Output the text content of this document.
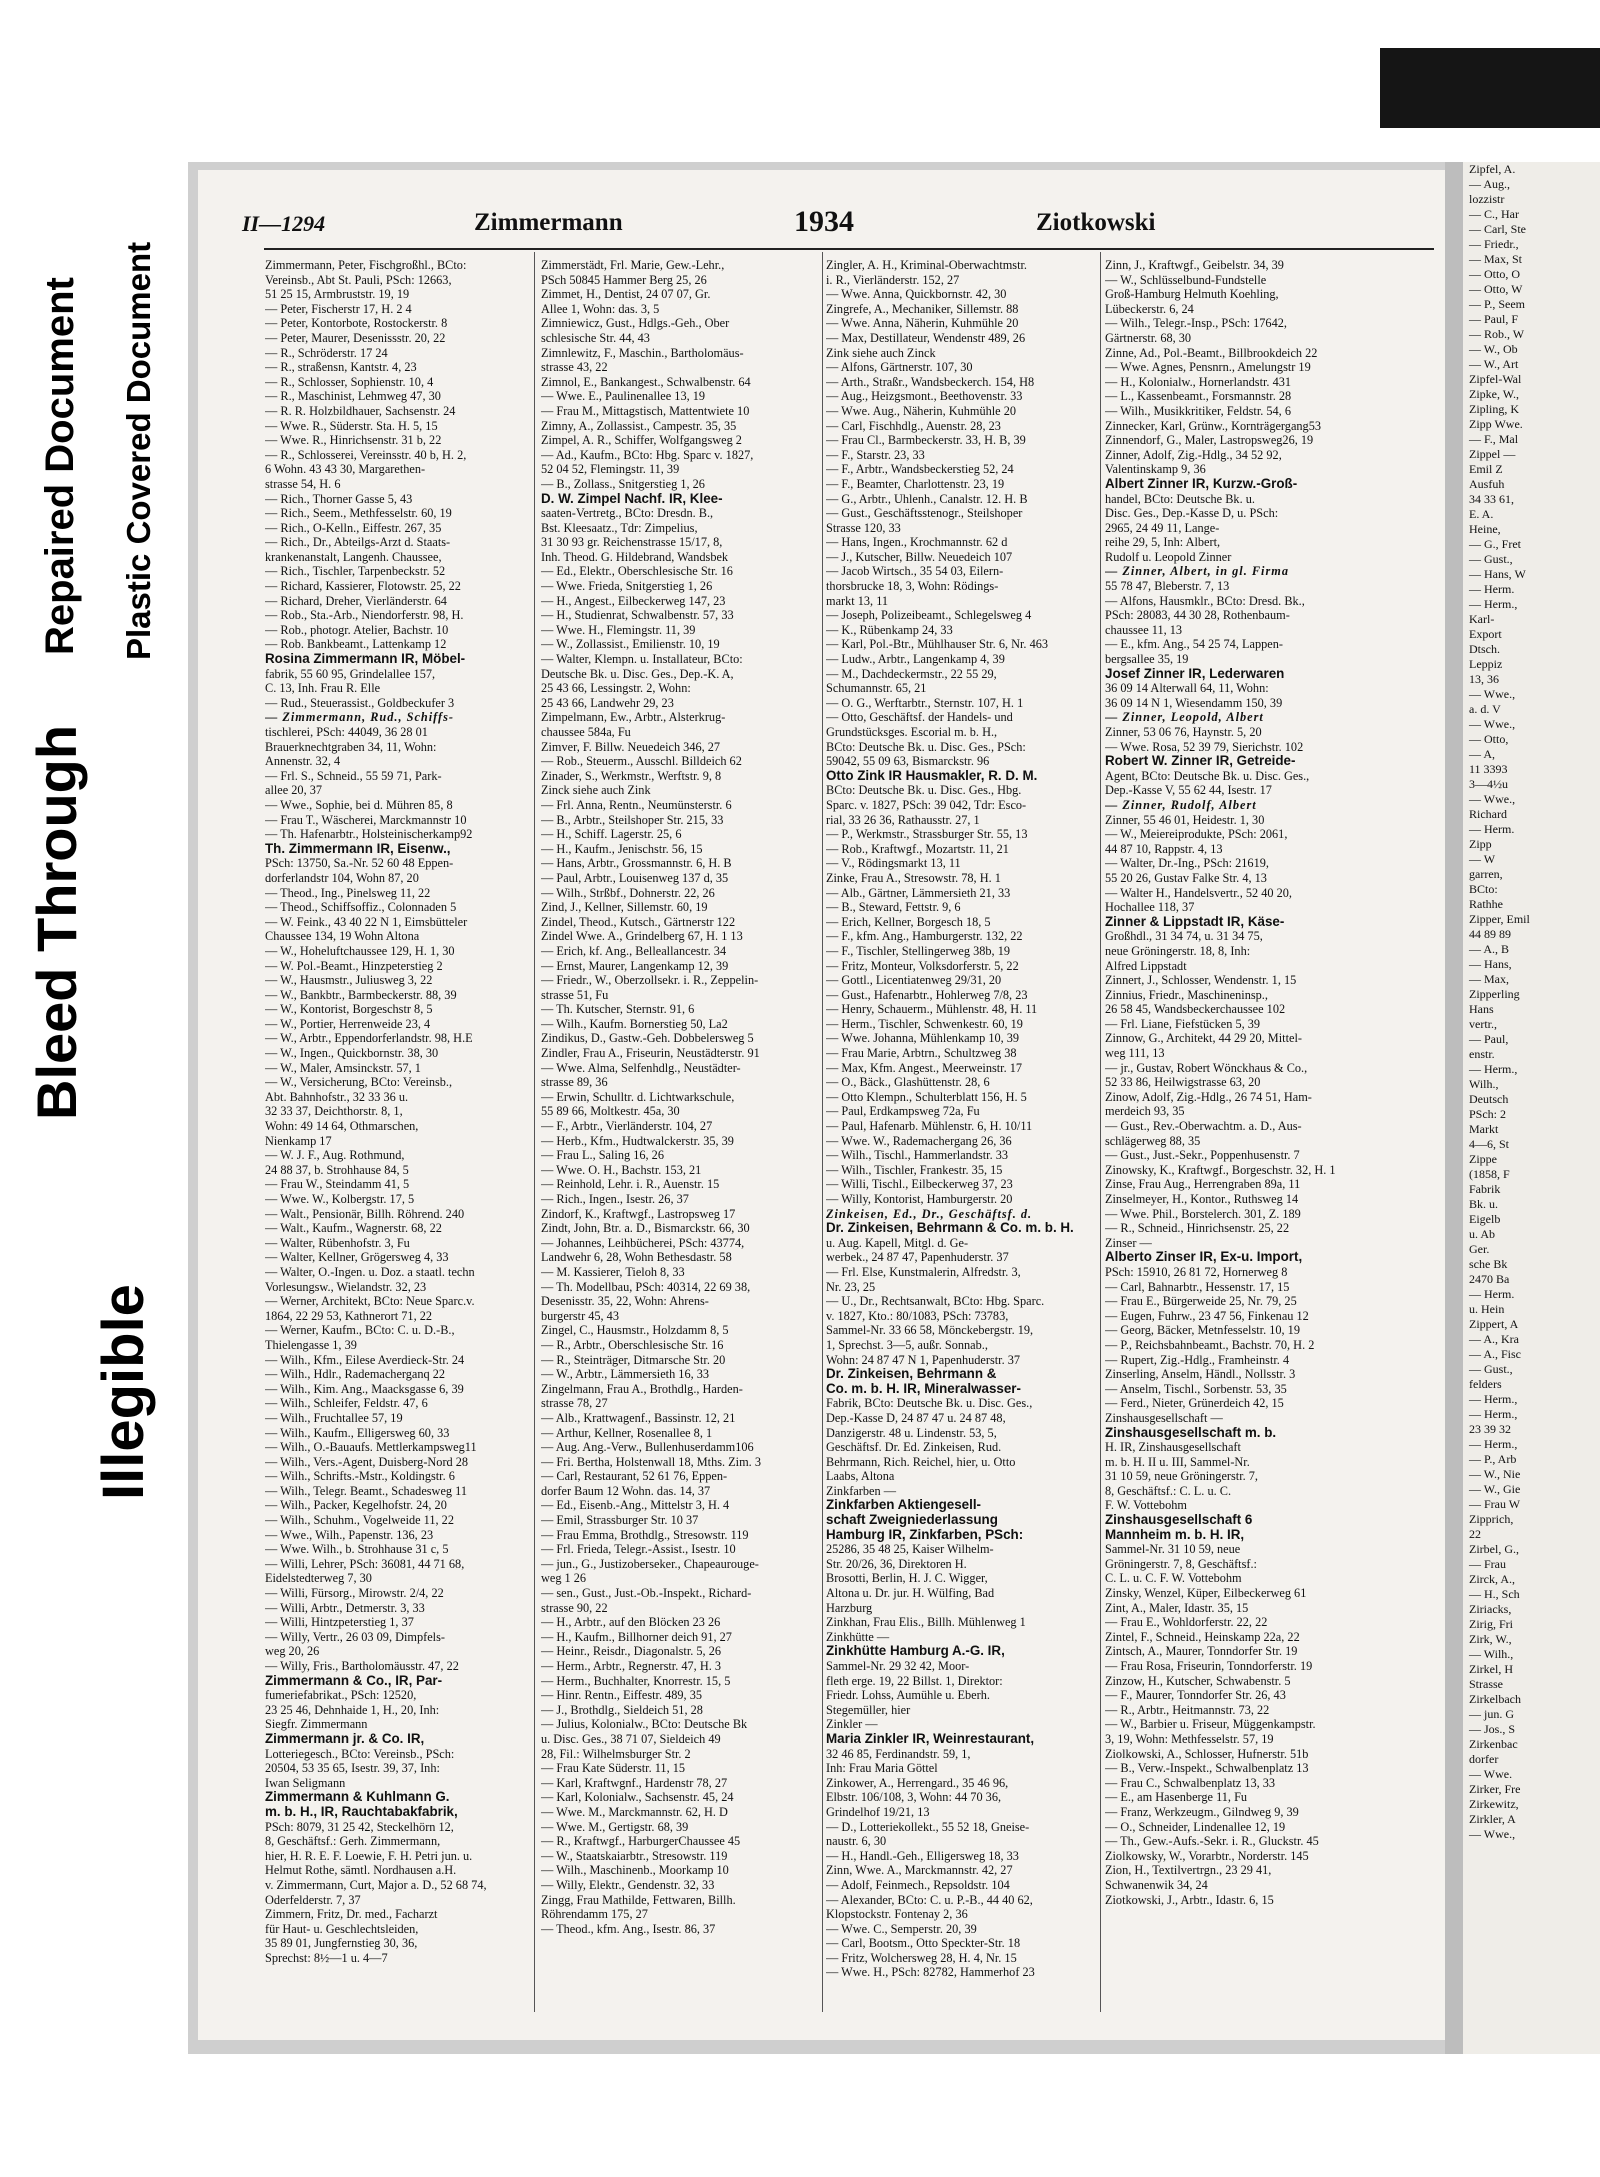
Bleed Through
Illegible
Repaired Document Plastic Covered Document
Zipfel, A.
— Aug.,
lozzistr
— C., Har
— Carl, Ste
— Friedr.,
— Max, St
— Otto, O
— Otto, W
— P., Seem
— Paul, F
— Rob., W
— W., Ob
— W., Art
Zipfel-Wal
Zipke, W.,
Zipling, K
Zipp Wwe.
— F., Mal
Zippel —
Emil Z
Ausfuh
34 33 61,
E. A.
Heine,
— G., Fret
— Gust.,
— Hans, W
— Herm.
— Herm.,
Karl-
Export
Dtsch.
Leppiz
13, 36
— Wwe.,
a. d. V
— Wwe.,
— Otto,
— A,
11 3393
3—4½u
— Wwe.,
Richard
— Herm.
Zipp
— W
garren,
BCto:
Rathhe
Zipper, Emil
44 89 89
— A., B
— Hans,
— Max,
Zipperling
Hans
vertr.,
— Paul,
enstr.
— Herm.,
Wilh.,
Deutsch
PSch: 2
Markt
4—6, St
Zippe
(1858, F
Fabrik
Bk. u.
Eigelb
u. Ab
Ger.
sche Bk
2470 Ba
— Herm.
u. Hein
Zippert, A
— A., Kra
— A., Fisc
— Gust.,
felders
— Herm.,
— Herm.,
23 39 32
— Herm.,
— P., Arb
— W., Nie
— W., Gie
— Frau W
Zipprich,
22
Zirbel, G.,
— Frau
Zirck, A.,
— H., Sch
Ziriacks,
Zirig, Fri
Zirk, W.,
— Wilh.,
Zirkel, H
Strasse
Zirkelbach
— jun. G
— Jos., S
Zirkenbac
dorfer
— Wwe.
Zirker, Fre
Zirkewitz,
Zirkler, A
— Wwe.,
II—1294	Zimmermann	1934	Ziotkowski
Zimmermann, Peter, Fischgroßhl., BCto:
Vereinsb., Abt St. Pauli, PSch: 12663,
51 25 15, Armbruststr. 19, 19
— Peter, Fischerstr 17, H. 2 4
— Peter, Kontorbote, Rostockerstr. 8
— Peter, Maurer, Desenissstr. 20, 22
— R., Schröderstr. 17 24
— R., straßensn, Kantstr. 4, 23
— R., Schlosser, Sophienstr. 10, 4
— R., Maschinist, Lehmweg 47, 30
— R. R. Holzbildhauer, Sachsenstr. 24
— Wwe. R., Süderstr. Sta. H. 5, 15
— Wwe. R., Hinrichsenstr. 31 b, 22
— R., Schlosserei, Vereinsstr. 40 b, H. 2,
6 Wohn. 43 43 30, Margarethen-
strasse 54, H. 6
— Rich., Thorner Gasse 5, 43
— Rich., Seem., Methfesselstr. 60, 19
— Rich., O-Kelln., Eiffestr. 267, 35
— Rich., Dr., Abteilgs-Arzt d. Staats-
krankenanstalt, Langenh. Chaussee,
— Rich., Tischler, Tarpenbeckstr. 52
— Richard, Kassierer, Flotowstr. 25, 22
— Richard, Dreher, Vierländerstr. 64
— Rob., Sta.-Arb., Niendorferstr. 98, H.
— Rob., photogr. Atelier, Bachstr. 10
— Rob. Bankbeamt., Lattenkamp 12
Rosina Zimmermann IR, Möbel-
fabrik, 55 60 95, Grindelallee 157,
C. 13, Inh. Frau R. Elle
— Rud., Steuerassist., Goldbeckufer 3
— Zimmermann, Rud., Schiffs-
tischlerei, PSch: 44049, 36 28 01
Brauerknechtgraben 34, 11, Wohn:
Annenstr. 32, 4
— Frl. S., Schneid., 55 59 71, Park-
allee 20, 37
— Wwe., Sophie, bei d. Mühren 85, 8
— Frau T., Wäscherei, Marckmannstr 10
— Th. Hafenarbtr., Holsteinischerkamp92
Th. Zimmermann IR, Eisenw.,
PSch: 13750, Sa.-Nr. 52 60 48 Eppen-
dorferlandstr 104, Wohn 87, 20
— Theod., Ing., Pinelsweg 11, 22
— Theod., Schiffsoffiz., Colonnaden 5
— W. Feink., 43 40 22 N 1, Eimsbütteler
Chaussee 134, 19 Wohn Altona
— W., Hoheluftchaussee 129, H. 1, 30
— W. Pol.-Beamt., Hinzpeterstieg 2
— W., Hausmstr., Juliusweg 3, 22
— W., Bankbtr., Barmbeckerstr. 88, 39
— W., Kontorist, Borgeschstr 8, 5
— W., Portier, Herrenweide 23, 4
— W., Arbtr., Eppendorferlandstr. 98, H.E
— W., Ingen., Quickbornstr. 38, 30
— W., Maler, Amsinckstr. 57, 1
— W., Versicherung, BCto: Vereinsb.,
Abt. Bahnhofstr., 32 33 36 u.
32 33 37, Deichthorstr. 8, 1,
Wohn: 49 14 64, Othmarschen,
Nienkamp 17
— W. J. F., Aug. Rothmund,
24 88 37, b. Strohhause 84, 5
— Frau W., Steindamm 41, 5
— Wwe. W., Kolbergstr. 17, 5
— Walt., Pensionär, Billh. Röhrend. 240
— Walt., Kaufm., Wagnerstr. 68, 22
— Walter, Rübenhofstr. 3, Fu
— Walter, Kellner, Grögersweg 4, 33
— Walter, O.-Ingen. u. Doz. a staatl. techn
Vorlesungsw., Wielandstr. 32, 23
— Werner, Architekt, BCto: Neue Sparc.v.
1864, 22 29 53, Kathnerort 71, 22
— Werner, Kaufm., BCto: C. u. D.-B.,
Thielengasse 1, 39
— Wilh., Kfm., Eilese Averdieck-Str. 24
— Wilh., Hdlr., Rademacherganq 22
— Wilh., Kim. Ang., Maacksgasse 6, 39
— Wilh., Schleifer, Feldstr. 47, 6
— Wilh., Fruchtallee 57, 19
— Wilh., Kaufm., Elligersweg 60, 33
— Wilh., O.-Bauaufs. Mettlerkampsweg11
— Wilh., Vers.-Agent, Duisberg-Nord 28
— Wilh., Schrifts.-Mstr., Koldingstr. 6
— Wilh., Telegr. Beamt., Schadesweg 11
— Wilh., Packer, Kegelhofstr. 24, 20
— Wilh., Schuhm., Vogelweide 11, 22
— Wwe., Wilh., Papenstr. 136, 23
— Wwe. Wilh., b. Strohhause 31 c, 5
— Willi, Lehrer, PSch: 36081, 44 71 68,
Eidelstedterweg 7, 30
— Willi, Fürsorg., Mirowstr. 2/4, 22
— Willi, Arbtr., Detmerstr. 3, 33
— Willi, Hintzpeterstieg 1, 37
— Willy, Vertr., 26 03 09, Dimpfels-
weg 20, 26
— Willy, Fris., Bartholomäusstr. 47, 22
Zimmermann & Co., IR, Par-
fumeriefabrikat., PSch: 12520,
23 25 46, Dehnhaide 1, H., 20, Inh:
Siegfr. Zimmermann
Zimmermann jr. & Co. IR,
Lotteriegesch., BCto: Vereinsb., PSch:
20504, 53 35 65, Isestr. 39, 37, Inh:
Iwan Seligmann
Zimmermann & Kuhlmann G.
m. b. H., IR, Rauchtabakfabrik,
PSch: 8079, 31 25 42, Steckelhörn 12,
8, Geschäftsf.: Gerh. Zimmermann,
hier, H. R. E. F. Loewie, F. H. Petri jun. u.
Helmut Rothe, sämtl. Nordhausen a.H.
v. Zimmermann, Curt, Major a. D., 52 68 74,
Oderfelderstr. 7, 37
Zimmern, Fritz, Dr. med., Facharzt
für Haut- u. Geschlechtsleiden,
35 89 01, Jungfernstieg 30, 36,
Sprechst: 8½—1 u. 4—7
Zimmerstädt, Frl. Marie, Gew.-Lehr.,
PSch 50845 Hammer Berg 25, 26
Zimmet, H., Dentist, 24 07 07, Gr.
Allee 1, Wohn: das. 3, 5
Zimniewicz, Gust., Hdlgs.-Geh., Ober
schlesische Str. 44, 43
Zimnlewitz, F., Maschin., Bartholomäus-
strasse 43, 22
Zimnol, E., Bankangest., Schwalbenstr. 64
— Wwe. E., Paulinenallee 13, 19
— Frau M., Mittagstisch, Mattentwiete 10
Zimny, A., Zollassist., Campestr. 35, 35
Zimpel, A. R., Schiffer, Wolfgangsweg 2
— Ad., Kaufm., BCto: Hbg. Sparc v. 1827,
52 04 52, Flemingstr. 11, 39
— B., Zollass., Snitgerstieg 1, 26
D. W. Zimpel Nachf. IR, Klee-
saaten-Vertretg., BCto: Dresdn. B.,
Bst. Kleesaatz., Tdr: Zimpelius,
31 30 93 gr. Reichenstrasse 15/17, 8,
Inh. Theod. G. Hildebrand, Wandsbek
— Ed., Elektr., Oberschlesische Str. 16
— Wwe. Frieda, Snitgerstieg 1, 26
— H., Angest., Eilbeckerweg 147, 23
— H., Studienrat, Schwalbenstr. 57, 33
— Wwe. H., Flemingstr. 11, 39
— W., Zollassist., Emilienstr. 10, 19
— Walter, Klempn. u. Installateur, BCto:
Deutsche Bk. u. Disc. Ges., Dep.-K. A,
25 43 66, Lessingstr. 2, Wohn:
25 43 66, Landwehr 29, 23
Zimpelmann, Ew., Arbtr., Alsterkrug-
chaussee 584a, Fu
Zimver, F. Billw. Neuedeich 346, 27
— Rob., Steuerm., Ausschl. Billdeich 62
Zinader, S., Werkmstr., Werftstr. 9, 8
Zinck siehe auch Zink
— Frl. Anna, Rentn., Neumünsterstr. 6
— B., Arbtr., Steilshoper Str. 215, 33
— H., Schiff. Lagerstr. 25, 6
— H., Kaufm., Jenischstr. 56, 15
— Hans, Arbtr., Grossmannstr. 6, H. B
— Paul, Arbtr., Louisenweg 137 d, 35
— Wilh., Strßbf., Dohnerstr. 22, 26
Zind, J., Kellner, Sillemstr. 60, 19
Zindel, Theod., Kutsch., Gärtnerstr 122
Zindel Wwe. A., Grindelberg 67, H. 1 13
— Erich, kf. Ang., Belleallancestr. 34
— Ernst, Maurer, Langenkamp 12, 39
— Friedr., W., Oberzollsekr. i. R., Zeppelin-
strasse 51, Fu
— Th. Kutscher, Sternstr. 91, 6
— Wilh., Kaufm. Bornerstieg 50, La2
Zindikus, D., Gastw.-Geh. Dobbelersweg 5
Zindler, Frau A., Friseurin, Neustädterstr. 91
— Wwe. Alma, Selfenhdlg., Neustädter-
strasse 89, 36
— Erwin, Schulltr. d. Lichtwarkschule,
55 89 66, Moltkestr. 45a, 30
— F., Arbtr., Vierländerstr. 104, 27
— Herb., Kfm., Hudtwalckerstr. 35, 39
— Frau L., Saling 16, 26
— Wwe. O. H., Bachstr. 153, 21
— Reinhold, Lehr. i. R., Auenstr. 15
— Rich., Ingen., Isestr. 26, 37
Zindorf, K., Kraftwgf., Lastropsweg 17
Zindt, John, Btr. a. D., Bismarckstr. 66, 30
— Johannes, Leihbücherei, PSch: 43774,
Landwehr 6, 28, Wohn Bethesdastr. 58
— M. Kassierer, Tieloh 8, 33
— Th. Modellbau, PSch: 40314, 22 69 38,
Desenisstr. 35, 22, Wohn: Ahrens-
burgerstr 45, 43
Zingel, C., Hausmstr., Holzdamm 8, 5
— R., Arbtr., Oberschlesische Str. 16
— R., Steinträger, Ditmarsche Str. 20
— W., Arbtr., Lämmersieth 16, 33
Zingelmann, Frau A., Brothdlg., Harden-
strasse 78, 27
— Alb., Krattwagenf., Bassinstr. 12, 21
— Arthur, Kellner, Rosenallee 8, 1
— Aug. Ang.-Verw., Bullenhuserdamm106
— Fri. Bertha, Holstenwall 18, Mths. Zim. 3
— Carl, Restaurant, 52 61 76, Eppen-
dorfer Baum 12 Wohn. das. 14, 37
— Ed., Eisenb.-Ang., Mittelstr 3, H. 4
— Emil, Strassburger Str. 10 37
— Frau Emma, Brothdlg., Stresowstr. 119
— Frl. Frieda, Telegr.-Assist., Isestr. 10
— jun., G., Justizoberseker., Chapeaurouge-
weg 1 26
— sen., Gust., Just.-Ob.-Inspekt., Richard-
strasse 90, 22
— H., Arbtr., auf den Blöcken 23 26
— H., Kaufm., Billhorner deich 91, 27
— Heinr., Reisdr., Diagonalstr. 5, 26
— Herm., Arbtr., Regnerstr. 47, H. 3
— Herm., Buchhalter, Knorrestr. 15, 5
— Hinr. Rentn., Eiffestr. 489, 35
— J., Brothdlg., Sieldeich 51, 28
— Julius, Kolonialw., BCto: Deutsche Bk
u. Disc. Ges., 38 71 07, Sieldeich 49
28, Fil.: Wilhelmsburger Str. 2
— Frau Kate Süderstr. 11, 15
— Karl, Kraftwgnf., Hardenstr 78, 27
— Karl, Kolonialw., Sachsenstr. 45, 24
— Wwe. M., Marckmannstr. 62, H. D
— Wwe. M., Gertigstr. 68, 39
— R., Kraftwgf., HarburgerChaussee 45
— W., Staatskaiarbtr., Stresowstr. 119
— Wilh., Maschinenb., Moorkamp 10
— Willy, Elektr., Gendenstr. 32, 33
Zingg, Frau Mathilde, Fettwaren, Billh.
Röhrendamm 175, 27
— Theod., kfm. Ang., Isestr. 86, 37
Zingler, A. H., Kriminal-Oberwachtmstr.
i. R., Vierländerstr. 152, 27
— Wwe. Anna, Quickbornstr. 42, 30
Zingrefe, A., Mechaniker, Sillemstr. 88
— Wwe. Anna, Näherin, Kuhmühle 20
— Max, Destillateur, Wendenstr 489, 26
Zink siehe auch Zinck
— Alfons, Gärtnerstr. 107, 30
— Arth., Straßr., Wandsbeckerch. 154, H8
— Aug., Heizgsmont., Beethovenstr. 33
— Wwe. Aug., Näherin, Kuhmühle 20
— Carl, Fischhdlg., Auenstr. 28, 23
— Frau Cl., Barmbeckerstr. 33, H. B, 39
— F., Starstr. 23, 33
— F., Arbtr., Wandsbeckerstieg 52, 24
— F., Beamter, Charlottenstr. 23, 19
— G., Arbtr., Uhlenh., Canalstr. 12. H. B
— Gust., Geschäftsstenogr., Steilshoper
Strasse 120, 33
— Hans, Ingen., Krochmannstr. 62 d
— J., Kutscher, Billw. Neuedeich 107
— Jacob Wirtsch., 35 54 03, Eilern-
thorsbrucke 18, 3, Wohn: Rödings-
markt 13, 11
— Joseph, Polizeibeamt., Schlegelsweg 4
— K., Rübenkamp 24, 33
— Karl, Pol.-Btr., Mühlhauser Str. 6, Nr. 463
— Ludw., Arbtr., Langenkamp 4, 39
— M., Dachdeckermstr., 22 55 29,
Schumannstr. 65, 21
— O. G., Werftarbtr., Sternstr. 107, H. 1
— Otto, Geschäftsf. der Handels- und
Grundstücksges. Escorial m. b. H.,
BCto: Deutsche Bk. u. Disc. Ges., PSch:
59042, 55 09 63, Bismarckstr. 96
Otto Zink IR Hausmakler, R. D. M.
BCto: Deutsche Bk. u. Disc. Ges., Hbg.
Sparc. v. 1827, PSch: 39 042, Tdr: Esco-
rial, 33 26 36, Rathausstr. 27, 1
— P., Werkmstr., Strassburger Str. 55, 13
— Rob., Kraftwgf., Mozartstr. 11, 21
— V., Rödingsmarkt 13, 11
Zinke, Frau A., Stresowstr. 78, H. 1
— Alb., Gärtner, Lämmersieth 21, 33
— B., Steward, Fettstr. 9, 6
— Erich, Kellner, Borgesch 18, 5
— F., kfm. Ang., Hamburgerstr. 132, 22
— F., Tischler, Stellingerweg 38b, 19
— Fritz, Monteur, Volksdorferstr. 5, 22
— Gottl., Licentiatenweg 29/31, 20
— Gust., Hafenarbtr., Hohlerweg 7/8, 23
— Henry, Schauerm., Mühlenstr. 48, H. 11
— Herm., Tischler, Schwenkestr. 60, 19
— Wwe. Johanna, Mühlenkamp 10, 39
— Frau Marie, Arbtrn., Schultzweg 38
— Max, Kfm. Angest., Meerweinstr. 17
— O., Bäck., Glashüttenstr. 28, 6
— Otto Klempn., Schulterblatt 156, H. 5
— Paul, Erdkampsweg 72a, Fu
— Paul, Hafenarb. Mühlenstr. 6, H. 10/11
— Wwe. W., Rademachergang 26, 36
— Wilh., Tischl., Hammerlandstr. 33
— Wilh., Tischler, Frankestr. 35, 15
— Willi, Tischl., Eilbeckerweg 37, 23
— Willy, Kontorist, Hamburgerstr. 20
Zinkeisen, Ed., Dr., Geschäftsf. d.
Dr. Zinkeisen, Behrmann & Co. m. b. H.
u. Aug. Kapell, Mitgl. d. Ge-
werbek., 24 87 47, Papenhuderstr. 37
— Frl. Else, Kunstmalerin, Alfredstr. 3,
Nr. 23, 25
— U., Dr., Rechtsanwalt, BCto: Hbg. Sparc.
v. 1827, Kto.: 80/1083, PSch: 73783,
Sammel-Nr. 33 66 58, Mönckebergstr. 19,
1, Sprechst. 3—5, außr. Sonnab.,
Wohn: 24 87 47 N 1, Papenhuderstr. 37
Dr. Zinkeisen, Behrmann &
Co. m. b. H. IR, Mineralwasser-
Fabrik, BCto: Deutsche Bk. u. Disc. Ges.,
Dep.-Kasse D, 24 87 47 u. 24 87 48,
Danzigerstr. 48 u. Lindenstr. 53, 5,
Geschäftsf. Dr. Ed. Zinkeisen, Rud.
Behrmann, Rich. Reichel, hier, u. Otto
Laabs, Altona
Zinkfarben —
Zinkfarben Aktiengesell-
schaft Zweigniederlassung
Hamburg IR, Zinkfarben, PSch:
25286, 35 48 25, Kaiser Wilhelm-
Str. 20/26, 36, Direktoren H.
Brosotti, Berlin, H. J. C. Wigger,
Altona u. Dr. jur. H. Wülfing, Bad
Harzburg
Zinkhan, Frau Elis., Billh. Mühlenweg 1
Zinkhütte —
Zinkhütte Hamburg A.-G. IR,
Sammel-Nr. 29 32 42, Moor-
fleth erge. 19, 22 Billst. 1, Direktor:
Friedr. Lohss, Aumühle u. Eberh.
Stegemüller, hier
Zinkler —
Maria Zinkler IR, Weinrestaurant,
32 46 85, Ferdinandstr. 59, 1,
Inh: Frau Maria Göttel
Zinkower, A., Herrengard., 35 46 96,
Elbstr. 106/108, 3, Wohn: 44 70 36,
Grindelhof 19/21, 13
— D., Lotteriekollekt., 55 52 18, Gneise-
naustr. 6, 30
— H., Handl.-Geh., Elligersweg 18, 33
Zinn, Wwe. A., Marckmannstr. 42, 27
— Adolf, Feinmech., Repsoldstr. 104
— Alexander, BCto: C. u. P.-B., 44 40 62,
Klopstockstr. Fontenay 2, 36
— Wwe. C., Semperstr. 20, 39
— Carl, Bootsm., Otto Speckter-Str. 18
— Fritz, Wolchersweg 28, H. 4, Nr. 15
— Wwe. H., PSch: 82782, Hammerhof 23
Zinn, J., Kraftwgf., Geibelstr. 34, 39
— W., Schlüsselbund-Fundstelle
Groß-Hamburg Helmuth Koehling,
Lübeckerstr. 6, 24
— Wilh., Telegr.-Insp., PSch: 17642,
Gärtnerstr. 68, 30
Zinne, Ad., Pol.-Beamt., Billbrookdeich 22
— Wwe. Agnes, Pensnrn., Amelungstr 19
— H., Kolonialw., Hornerlandstr. 431
— L., Kassenbeamt., Forsmannstr. 28
— Wilh., Musikkritiker, Feldstr. 54, 6
Zinnecker, Karl, Grünw., Kornträgergang53
Zinnendorf, G., Maler, Lastropsweg26, 19
Zinner, Adolf, Zig.-Hdlg., 34 52 92,
Valentinskamp 9, 36
Albert Zinner IR, Kurzw.-Groß-
handel, BCto: Deutsche Bk. u.
Disc. Ges., Dep.-Kasse D, u. PSch:
2965, 24 49 11, Lange-
reihe 29, 5, Inh: Albert,
Rudolf u. Leopold Zinner
— Zinner, Albert, in gl. Firma
55 78 47, Bleberstr. 7, 13
— Alfons, Hausmklr., BCto: Dresd. Bk.,
PSch: 28083, 44 30 28, Rothenbaum-
chaussee 11, 13
— E., kfm. Ang., 54 25 74, Lappen-
bergsallee 35, 19
Josef Zinner IR, Lederwaren
36 09 14 Alterwall 64, 11, Wohn:
36 09 14 N 1, Wiesendamm 150, 39
— Zinner, Leopold, Albert
Zinner, 53 06 76, Haynstr. 5, 20
— Wwe. Rosa, 52 39 79, Sierichstr. 102
Robert W. Zinner IR, Getreide-
Agent, BCto: Deutsche Bk. u. Disc. Ges.,
Dep.-Kasse V, 55 62 44, Isestr. 17
— Zinner, Rudolf, Albert
Zinner, 55 46 01, Heidestr. 1, 30
— W., Meiereiprodukte, PSch: 2061,
44 87 10, Rappstr. 4, 13
— Walter, Dr.-Ing., PSch: 21619,
55 20 26, Gustav Falke Str. 4, 13
— Walter H., Handelsvertr., 52 40 20,
Hochallee 118, 37
Zinner & Lippstadt IR, Käse-
Großhdl., 31 34 74, u. 31 34 75,
neue Gröningerstr. 18, 8, Inh:
Alfred Lippstadt
Zinnert, J., Schlosser, Wendenstr. 1, 15
Zinnius, Friedr., Maschineninsp.,
26 58 45, Wandsbeckerchaussee 102
— Frl. Liane, Fiefstücken 5, 39
Zinnow, G., Architekt, 44 29 20, Mittel-
weg 111, 13
— jr., Gustav, Robert Wönckhaus & Co.,
52 33 86, Heilwigstrasse 63, 20
Zinow, Adolf, Zig.-Hdlg., 26 74 51, Ham-
merdeich 93, 35
— Gust., Rev.-Oberwachtm. a. D., Aus-
schlägerweg 88, 35
— Gust., Just.-Sekr., Poppenhusenstr. 7
Zinowsky, K., Kraftwgf., Borgeschstr. 32, H. 1
Zinse, Frau Aug., Herrengraben 89a, 11
Zinselmeyer, H., Kontor., Ruthsweg 14
— Wwe. Phil., Borstelerch. 301, Z. 189
— R., Schneid., Hinrichsenstr. 25, 22
Zinser —
Alberto Zinser IR, Ex-u. Import,
PSch: 15910, 26 81 72, Hornerweg 8
— Carl, Bahnarbtr., Hessenstr. 17, 15
— Frau E., Bürgerweide 25, Nr. 79, 25
— Eugen, Fuhrw., 23 47 56, Finkenau 12
— Georg, Bäcker, Metnfesselstr. 10, 19
— P., Reichsbahnbeamt., Bachstr. 70, H. 2
— Rupert, Zig.-Hdlg., Framheinstr. 4
Zinserling, Anselm, Händl., Nollsstr. 3
— Anselm, Tischl., Sorbenstr. 53, 35
— Ferd., Nieter, Grünerdeich 42, 15
Zinshausgesellschaft —
Zinshausgesellschaft m. b.
H. IR, Zinshausgesellschaft
m. b. H. II u. III, Sammel-Nr.
31 10 59, neue Gröningerstr. 7,
8, Geschäftsf.: C. L. u. C.
F. W. Vottebohm
Zinshausgesellschaft 6
Mannheim m. b. H. IR,
Sammel-Nr. 31 10 59, neue
Gröningerstr. 7, 8, Geschäftsf.:
C. L. u. C. F. W. Vottebohm
Zinsky, Wenzel, Küper, Eilbeckerweg 61
Zint, A., Maler, Idastr. 35, 15
— Frau E., Wohldorferstr. 22, 22
Zintel, F., Schneid., Heinskamp 22a, 22
Zintsch, A., Maurer, Tonndorfer Str. 19
— Frau Rosa, Friseurin, Tonndorferstr. 19
Zinzow, H., Kutscher, Schwabenstr. 5
— F., Maurer, Tonndorfer Str. 26, 43
— R., Arbtr., Heitmannstr. 73, 22
— W., Barbier u. Friseur, Müggenkampstr.
3, 19, Wohn: Methfesselstr. 57, 19
Ziolkowski, A., Schlosser, Hufnerstr. 51b
— B., Verw.-Inspekt., Schwalbenplatz 13
— Frau C., Schwalbenplatz 13, 33
— E., am Hasenberge 11, Fu
— Franz, Werkzeugm., Gilndweg 9, 39
— O., Schneider, Lindenallee 12, 19
— Th., Gew.-Aufs.-Sekr. i. R., Gluckstr. 45
Ziolkowsky, W., Vorarbtr., Norderstr. 145
Zion, H., Textilvertrgn., 23 29 41,
Schwanenwik 34, 24
Ziotkowski, J., Arbtr., Idastr. 6, 15
